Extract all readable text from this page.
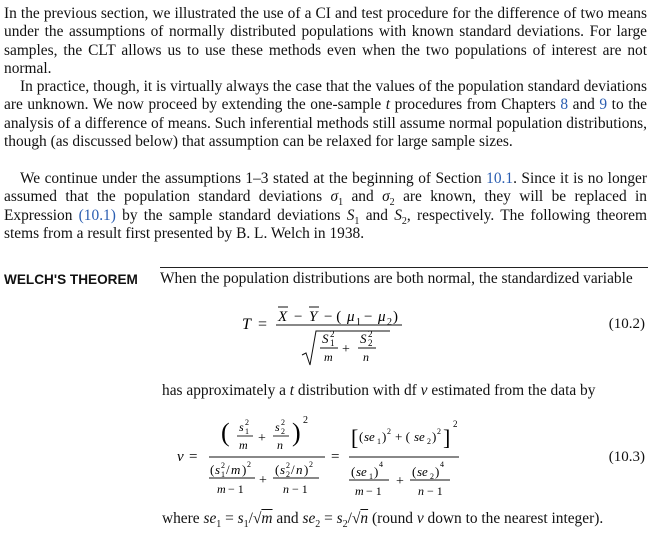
In the previous section, we illustrated the use of a CI and test procedure for the difference of two means under the assumptions of normally distributed populations with known standard deviations. For large samples, the CLT allows us to use these methods even when the two populations of interest are not normal.

In practice, though, it is virtually always the case that the values of the population standard deviations are unknown. We now proceed by extending the one-sample t procedures from Chapters 8 and 9 to the analysis of a difference of means. Such inferential methods still assume normal population distributions, though (as discussed below) that assumption can be relaxed for large sample sizes.

We continue under the assumptions 1–3 stated at the beginning of Section 10.1. Since it is no longer assumed that the population standard deviations $\sigma_1$ and $\sigma_2$ are known, they will be replaced in Expression (10.1) by the sample standard deviations $S_1$ and $S_2$, respectively. The following theorem stems from a result first presented by B. L. Welch in 1938.

WELCH'S THEOREM When the population distributions are both normal, the standardized variable
T = X − Y − ( μ 1 − μ 2 )
S 2
1
m +
S 2
2
n
(10.2)
has approximately a t distribution with df ν estimated from the data by
ν =
( s 2
1
m +
s 2
2
n ) 2
( s 2
1 / m ) 2
m − 1
+
( s 2
2 / n ) 2
n − 1
=
[ ( se 1 ) 2 + ( se 2 ) 2 ]
2
( se 1 ) 4
m − 1
+
( se 2 ) 4
n − 1
(10.3)
where $se_1 = s_1/√m$ and $se_2 = s_2/√n$ (round ν down to the nearest integer).
